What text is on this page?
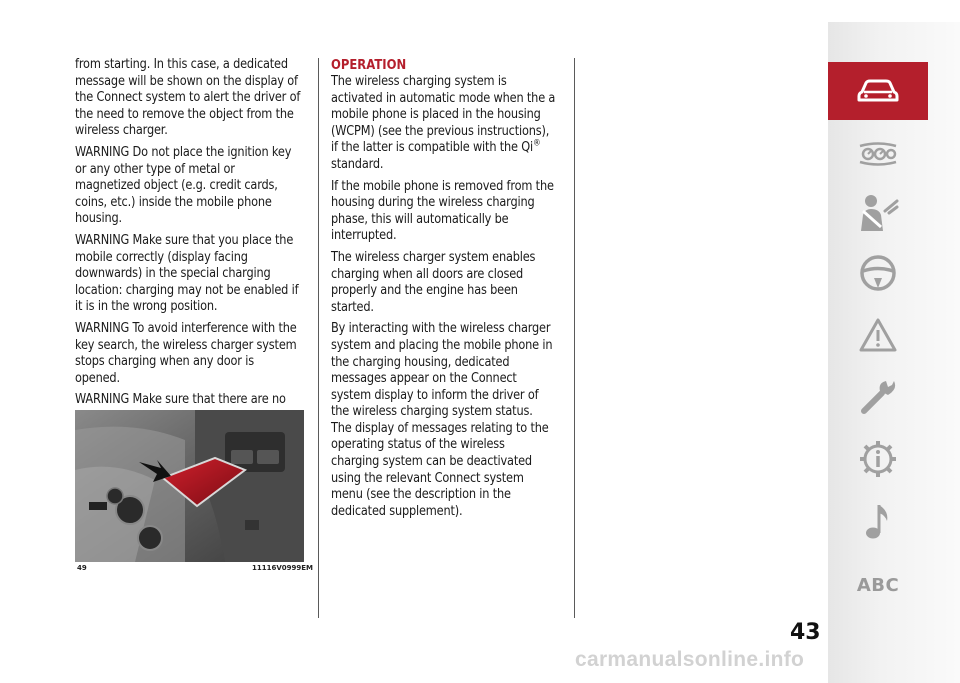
from starting. In this case, a dedicated message will be shown on the display of the Connect system to alert the driver of the need to remove the object from the wireless charger.

WARNING Do not place the ignition key or any other type of metal or magnetized object (e.g. credit cards, coins, etc.) inside the mobile phone housing.

WARNING Make sure that you place the mobile correctly (display facing downwards) in the special charging location: charging may not be enabled if it is in the wrong position.

WARNING To avoid interference with the key search, the wireless charger system stops charging when any door is opened.

WARNING Make sure that there are no

49	11116V0999EM
OPERATION

The wireless charging system is activated in automatic mode when the a mobile phone is placed in the housing (WCPM) (see the previous instructions), if the latter is compatible with the Qi® standard.

If the mobile phone is removed from the housing during the wireless charging phase, this will automatically be interrupted.

The wireless charger system enables charging when all doors are closed properly and the engine has been started.

By interacting with the wireless charger system and placing the mobile phone in the charging housing, dedicated messages appear on the Connect system display to inform the driver of the wireless charging system status. The display of messages relating to the operating status of the wireless charging system can be deactivated using the relevant Connect system menu (see the description in the dedicated supplement).

ABC
43
carmanualsonline.info
